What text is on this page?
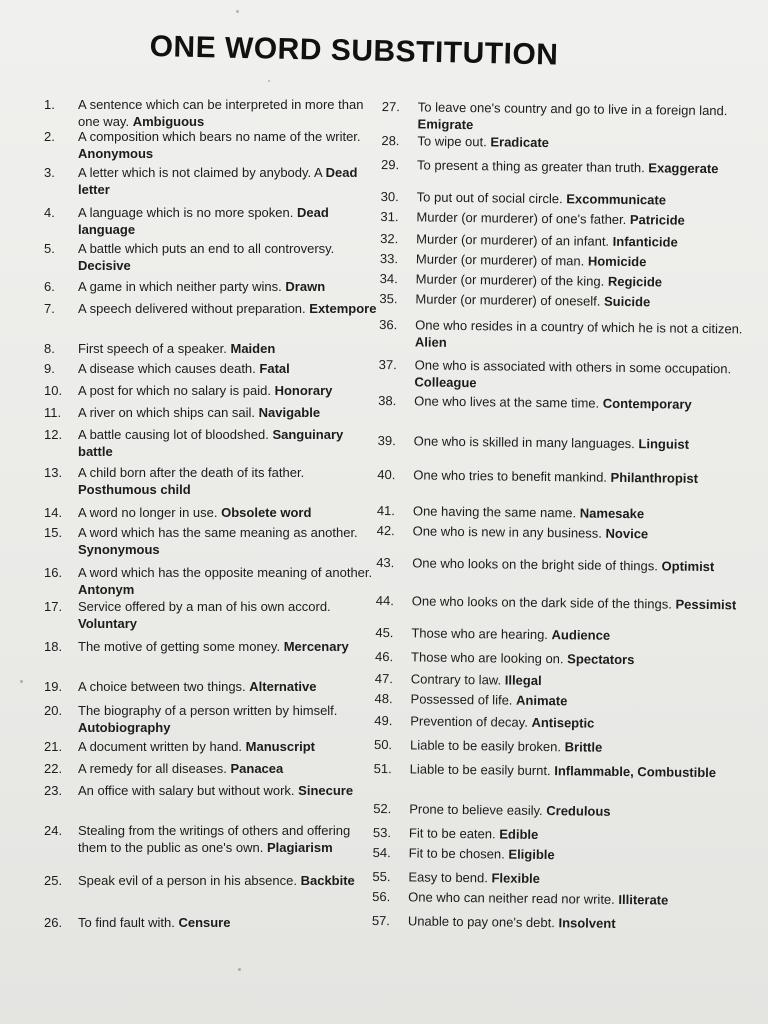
ONE WORD SUBSTITUTION
1.	A sentence which can be interpreted in more than one way. Ambiguous
2.	A composition which bears no name of the writer. Anonymous
3.	A letter which is not claimed by anybody. A Dead letter
4.	A language which is no more spoken. Dead language
5.	A battle which puts an end to all controversy. Decisive
6.	A game in which neither party wins. Drawn
7.	A speech delivered without preparation. Extempore
8.	First speech of a speaker. Maiden
9.	A disease which causes death. Fatal
10.	A post for which no salary is paid. Honorary
11.	A river on which ships can sail. Navigable
12.	A battle causing lot of bloodshed. Sanguinary battle
13.	A child born after the death of its father. Posthumous child
14.	A word no longer in use. Obsolete word
15.	A word which has the same meaning as another. Synonymous
16.	A word which has the opposite meaning of another. Antonym
17.	Service offered by a man of his own accord. Voluntary
18.	The motive of getting some money. Mercenary
19.	A choice between two things. Alternative
20.	The biography of a person written by himself. Autobiography
21.	A document written by hand. Manuscript
22.	A remedy for all diseases. Panacea
23.	An office with salary but without work. Sinecure
24.	Stealing from the writings of others and offering them to the public as one's own. Plagiarism
25.	Speak evil of a person in his absence. Backbite
26.	To find fault with. Censure
27.	To leave one's country and go to live in a foreign land. Emigrate
28.	To wipe out. Eradicate
29.	To present a thing as greater than truth. Exaggerate
30.	To put out of social circle. Excommunicate
31.	Murder (or murderer) of one's father. Patricide
32.	Murder (or murderer) of an infant. Infanticide
33.	Murder (or murderer) of man. Homicide
34.	Murder (or murderer) of the king. Regicide
35.	Murder (or murderer) of oneself. Suicide
36.	One who resides in a country of which he is not a citizen. Alien
37.	One who is associated with others in some occupation. Colleague
38.	One who lives at the same time. Contemporary
39.	One who is skilled in many languages. Linguist
40.	One who tries to benefit mankind. Philanthropist
41.	One having the same name. Namesake
42.	One who is new in any business. Novice
43.	One who looks on the bright side of things. Optimist
44.	One who looks on the dark side of the things. Pessimist
45.	Those who are hearing. Audience
46.	Those who are looking on. Spectators
47.	Contrary to law. Illegal
48.	Possessed of life. Animate
49.	Prevention of decay. Antiseptic
50.	Liable to be easily broken. Brittle
51.	Liable to be easily burnt. Inflammable, Combustible
52.	Prone to believe easily. Credulous
53.	Fit to be eaten. Edible
54.	Fit to be chosen. Eligible
55.	Easy to bend. Flexible
56.	One who can neither read nor write. Illiterate
57.	Unable to pay one's debt. Insolvent
